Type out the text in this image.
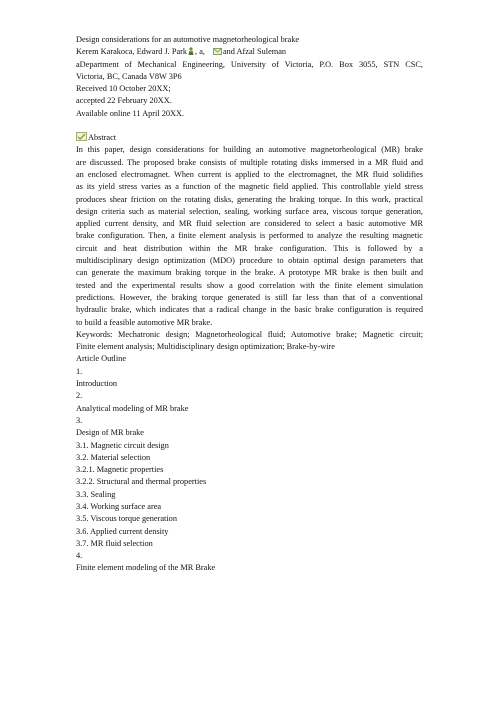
Design considerations for an automotive magnetorheological brake
Kerem Karakoca, Edward J. Park , a, and Afzal Suleman
aDepartment of Mechanical Engineering, University of Victoria, P.O. Box 3055, STN CSC,
Victoria, BC, Canada V8W 3P6
Received 10 October 20XX;
accepted 22 February 20XX.
Available online 11 April 20XX.
Abstract
In this paper, design considerations for building an automotive magnetorheological (MR) brake
are discussed. The proposed brake consists of multiple rotating disks immersed in a MR fluid and
an enclosed electromagnet. When current is applied to the electromagnet, the MR fluid solidifies
as its yield stress varies as a function of the magnetic field applied. This controllable yield stress
produces shear friction on the rotating disks, generating the braking torque. In this work, practical
design criteria such as material selection, sealing, working surface area, viscous torque generation,
applied current density, and MR fluid selection are considered to select a basic automotive MR
brake configuration. Then, a finite element analysis is performed to analyze the resulting magnetic
circuit and heat distribution within the MR brake configuration. This is followed by a
multidisciplinary design optimization (MDO) procedure to obtain optimal design parameters that
can generate the maximum braking torque in the brake. A prototype MR brake is then built and
tested and the experimental results show a good correlation with the finite element simulation
predictions. However, the braking torque generated is still far less than that of a conventional
hydraulic brake, which indicates that a radical change in the basic brake configuration is required
to build a feasible automotive MR brake.
Keywords: Mechatronic design; Magnetorheological fluid; Automotive brake; Magnetic circuit;
Finite element analysis; Multidisciplinary design optimization; Brake-by-wire
Article Outline
1.
Introduction
2.
Analytical modeling of MR brake
3.
Design of MR brake
3.1. Magnetic circuit design
3.2. Material selection
3.2.1. Magnetic properties
3.2.2. Structural and thermal properties
3.3. Sealing
3.4. Working surface area
3.5. Viscous torque generation
3.6. Applied current density
3.7. MR fluid selection
4.
Finite element modeling of the MR Brake
